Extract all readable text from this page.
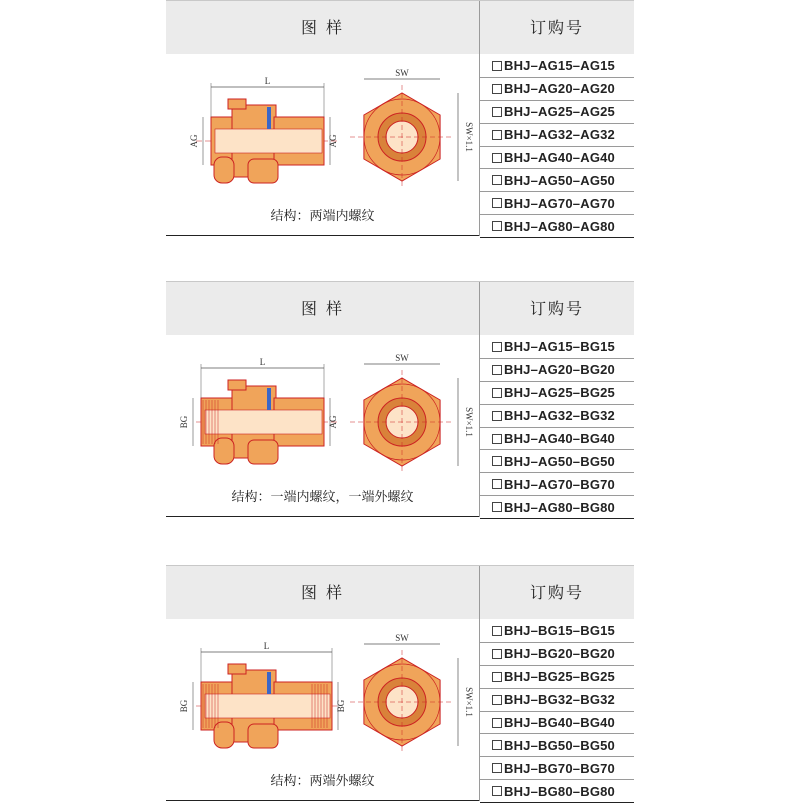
图 样	订购号
L
AG	AG
SW
SW×1.1
结构：两端内螺纹
BHJ–AG15–AG15
BHJ–AG20–AG20
BHJ–AG25–AG25
BHJ–AG32–AG32
BHJ–AG40–AG40
BHJ–AG50–AG50
BHJ–AG70–AG70
BHJ–AG80–AG80
图 样	订购号
L
BG	AG
SW
SW×1.1
结构：一端内螺纹，一端外螺纹
BHJ–AG15–BG15
BHJ–AG20–BG20
BHJ–AG25–BG25
BHJ–AG32–BG32
BHJ–AG40–BG40
BHJ–AG50–BG50
BHJ–AG70–BG70
BHJ–AG80–BG80
图 样	订购号
L
BG	BG
SW
SW×1.1
结构：两端外螺纹
BHJ–BG15–BG15
BHJ–BG20–BG20
BHJ–BG25–BG25
BHJ–BG32–BG32
BHJ–BG40–BG40
BHJ–BG50–BG50
BHJ–BG70–BG70
BHJ–BG80–BG80
